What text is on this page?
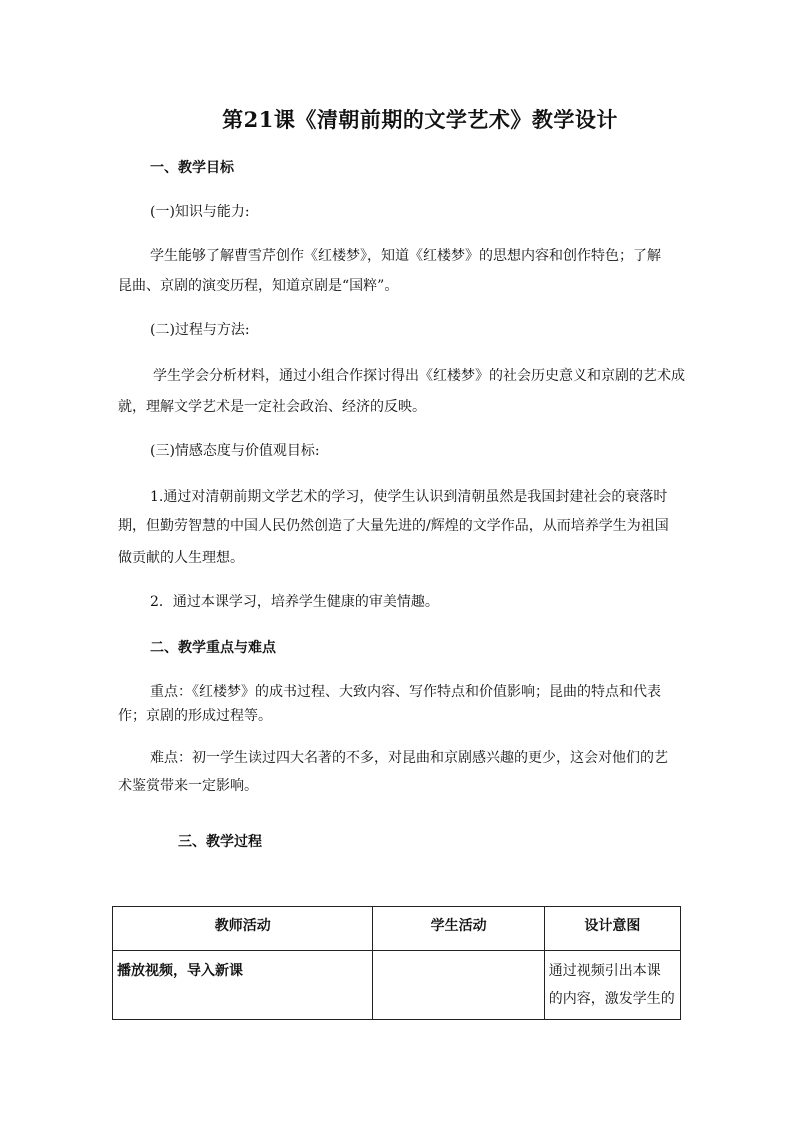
第21课《清朝前期的文学艺术》教学设计

一、教学目标

(一)知识与能力:

学生能够了解曹雪芹创作《红楼梦》，知道《红楼梦》的思想内容和创作特色；了解

昆曲、京剧的演变历程，知道京剧是“国粹”。

(二)过程与方法:

学生学会分析材料，通过小组合作探讨得出《红楼梦》的社会历史意义和京剧的艺术成

就，理解文学艺术是一定社会政治、经济的反映。

(三)情感态度与价值观目标:

1.通过对清朝前期文学艺术的学习，使学生认识到清朝虽然是我国封建社会的衰落时

期，但勤劳智慧的中国人民仍然创造了大量先进的/辉煌的文学作品，从而培养学生为祖国

做贡献的人生理想。

2．通过本课学习，培养学生健康的审美情趣。

二、教学重点与难点

重点：《红楼梦》的成书过程、大致内容、写作特点和价值影响；昆曲的特点和代表

作；京剧的形成过程等。

难点：初一学生读过四大名著的不多，对昆曲和京剧感兴趣的更少，这会对他们的艺

术鉴赏带来一定影响。

三、教学过程

教师活动	学生活动	设计意图
播放视频，导入新课		通过视频引出本课
的内容，激发学生的
